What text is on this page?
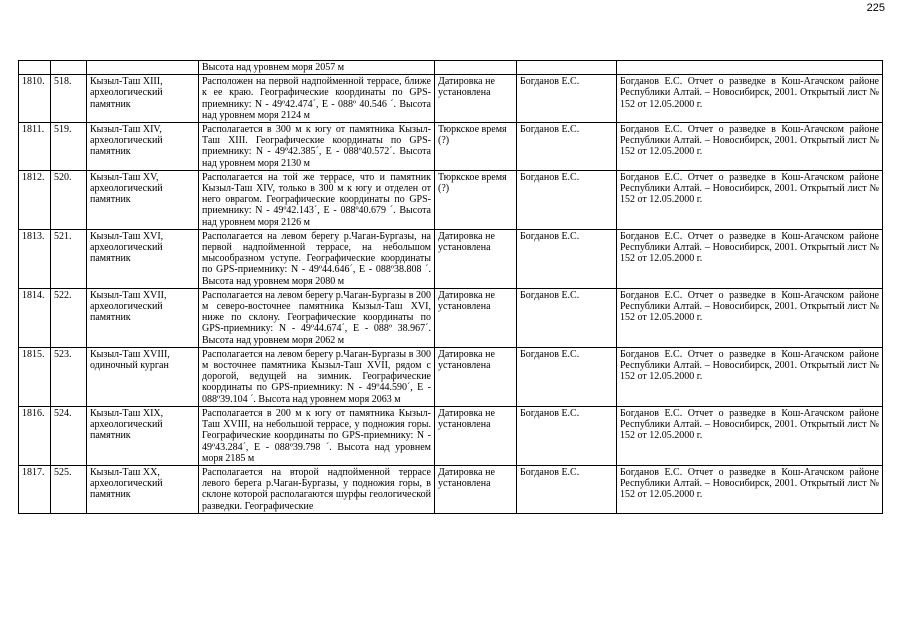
225
			Высота над уровнем моря 2057 м			
1810.	518.	Кызыл-Таш XIII, археологический памятник	Расположен на первой надпойменной террасе, ближе к ее краю. Географические координаты по GPS-приемнику: N - 49º42.474´, E - 088º 40.546 ´. Высота над уровнем моря 2124 м	Датировка не установлена	Богданов Е.С.	Богданов Е.С. Отчет о разведке в Кош-Агачском районе Республики Алтай. – Новосибирск, 2001. Открытый лист № 152 от 12.05.2000 г.
1811.	519.	Кызыл-Таш XIV, археологический памятник	Располагается в 300 м к югу от памятника Кызыл-Таш XIII. Географические координаты по GPS-приемнику: N - 49º42.385´, E - 088º40.572´. Высота над уровнем моря 2130 м	Тюркское время (?)	Богданов Е.С.	Богданов Е.С. Отчет о разведке в Кош-Агачском районе Республики Алтай. – Новосибирск, 2001. Открытый лист № 152 от 12.05.2000 г.
1812.	520.	Кызыл-Таш XV, археологический памятник	Располагается на той же террасе, что и памятник Кызыл-Таш XIV, только в 300 м к югу и отделен от него оврагом. Географические координаты по GPS-приемнику: N - 49º42.143´, E - 088º40.679 ´. Высота над уровнем моря 2126 м	Тюркское время (?)	Богданов Е.С.	Богданов Е.С. Отчет о разведке в Кош-Агачском районе Республики Алтай. – Новосибирск, 2001. Открытый лист № 152 от 12.05.2000 г.
1813.	521.	Кызыл-Таш XVI, археологический памятник	Располагается на левом берегу р.Чаган-Бургазы, на первой надпойменной террасе, на небольшом мысообразном уступе. Географические координаты по GPS-приемнику: N - 49º44.646´, E - 088º38.808 ´. Высота над уровнем моря 2080 м	Датировка не установлена	Богданов Е.С.	Богданов Е.С. Отчет о разведке в Кош-Агачском районе Республики Алтай. – Новосибирск, 2001. Открытый лист № 152 от 12.05.2000 г.
1814.	522.	Кызыл-Таш XVII, археологический памятник	Располагается на левом берегу р.Чаган-Бургазы в 200 м северо-восточнее памятника Кызыл-Таш XVI, ниже по склону. Географические координаты по GPS-приемнику: N - 49º44.674´, E - 088º 38.967´. Высота над уровнем моря 2062 м	Датировка не установлена	Богданов Е.С.	Богданов Е.С. Отчет о разведке в Кош-Агачском районе Республики Алтай. – Новосибирск, 2001. Открытый лист № 152 от 12.05.2000 г.
1815.	523.	Кызыл-Таш XVIII, одиночный курган	Располагается на левом берегу р.Чаган-Бургазы в 300 м восточнее памятника Кызыл-Таш XVII, рядом с дорогой, ведущей на зимник. Географические координаты по GPS-приемнику: N - 49º44.590´, E - 088º39.104 ´. Высота над уровнем моря 2063 м	Датировка не установлена	Богданов Е.С.	Богданов Е.С. Отчет о разведке в Кош-Агачском районе Республики Алтай. – Новосибирск, 2001. Открытый лист № 152 от 12.05.2000 г.
1816.	524.	Кызыл-Таш XIX, археологический памятник	Располагается в 200 м к югу от памятника Кызыл-Таш XVIII, на небольшой террасе, у подножия горы. Географические координаты по GPS-приемнику: N - 49º43.284´, E - 088º39.798 ´. Высота над уровнем моря 2185 м	Датировка не установлена	Богданов Е.С.	Богданов Е.С. Отчет о разведке в Кош-Агачском районе Республики Алтай. – Новосибирск, 2001. Открытый лист № 152 от 12.05.2000 г.
1817.	525.	Кызыл-Таш XX, археологический памятник	Располагается на второй надпойменной террасе левого берега р.Чаган-Бургазы, у подножия горы, в склоне которой располагаются шурфы геологической разведки. Географические	Датировка не установлена	Богданов Е.С.	Богданов Е.С. Отчет о разведке в Кош-Агачском районе Республики Алтай. – Новосибирск, 2001. Открытый лист № 152 от 12.05.2000 г.
